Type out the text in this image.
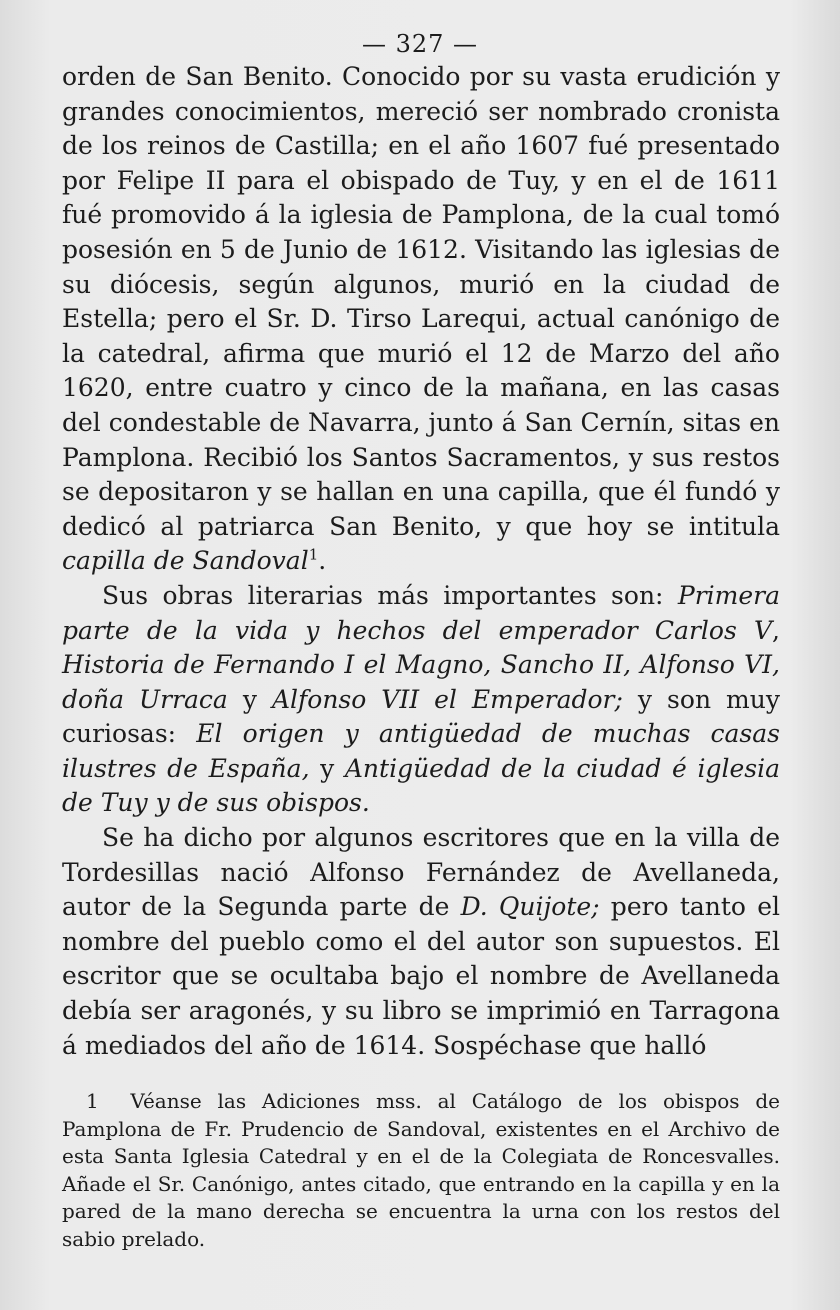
— 327 —

orden de San Benito. Conocido por su vasta erudición y grandes conocimientos, mereció ser nombrado cronista de los reinos de Castilla; en el año 1607 fué presentado por Felipe II para el obispado de Tuy, y en el de 1611 fué promovido á la iglesia de Pamplona, de la cual tomó posesión en 5 de Junio de 1612. Visitando las iglesias de su diócesis, según algunos, murió en la ciudad de Estella; pero el Sr. D. Tirso Larequi, actual canónigo de la catedral, afirma que murió el 12 de Marzo del año 1620, entre cuatro y cinco de la mañana, en las casas del condestable de Navarra, junto á San Cernín, sitas en Pamplona. Recibió los Santos Sacramentos, y sus restos se depositaron y se hallan en una capilla, que él fundó y dedicó al patriarca San Benito, y que hoy se intitula capilla de Sandoval$^1$.

Sus obras literarias más importantes son: Primera parte de la vida y hechos del emperador Carlos V, Historia de Fernando I el Magno, Sancho II, Alfonso VI, doña Urraca y Alfonso VII el Emperador; y son muy curiosas: El origen y antigüedad de muchas casas ilustres de España, y Antigüedad de la ciudad é iglesia de Tuy y de sus obispos.

Se ha dicho por algunos escritores que en la villa de Tordesillas nació Alfonso Fernández de Avellaneda, autor de la Segunda parte de D. Quijote; pero tanto el nombre del pueblo como el del autor son supuestos. El escritor que se ocultaba bajo el nombre de Avellaneda debía ser aragonés, y su libro se imprimió en Tarragona á mediados del año de 1614. Sospéchase que halló

1 Véanse las Adiciones mss. al Catálogo de los obispos de Pamplona de Fr. Prudencio de Sandoval, existentes en el Archivo de esta Santa Iglesia Catedral y en el de la Colegiata de Roncesvalles. Añade el Sr. Canónigo, antes citado, que entrando en la capilla y en la pared de la mano derecha se encuentra la urna con los restos del sabio prelado.
